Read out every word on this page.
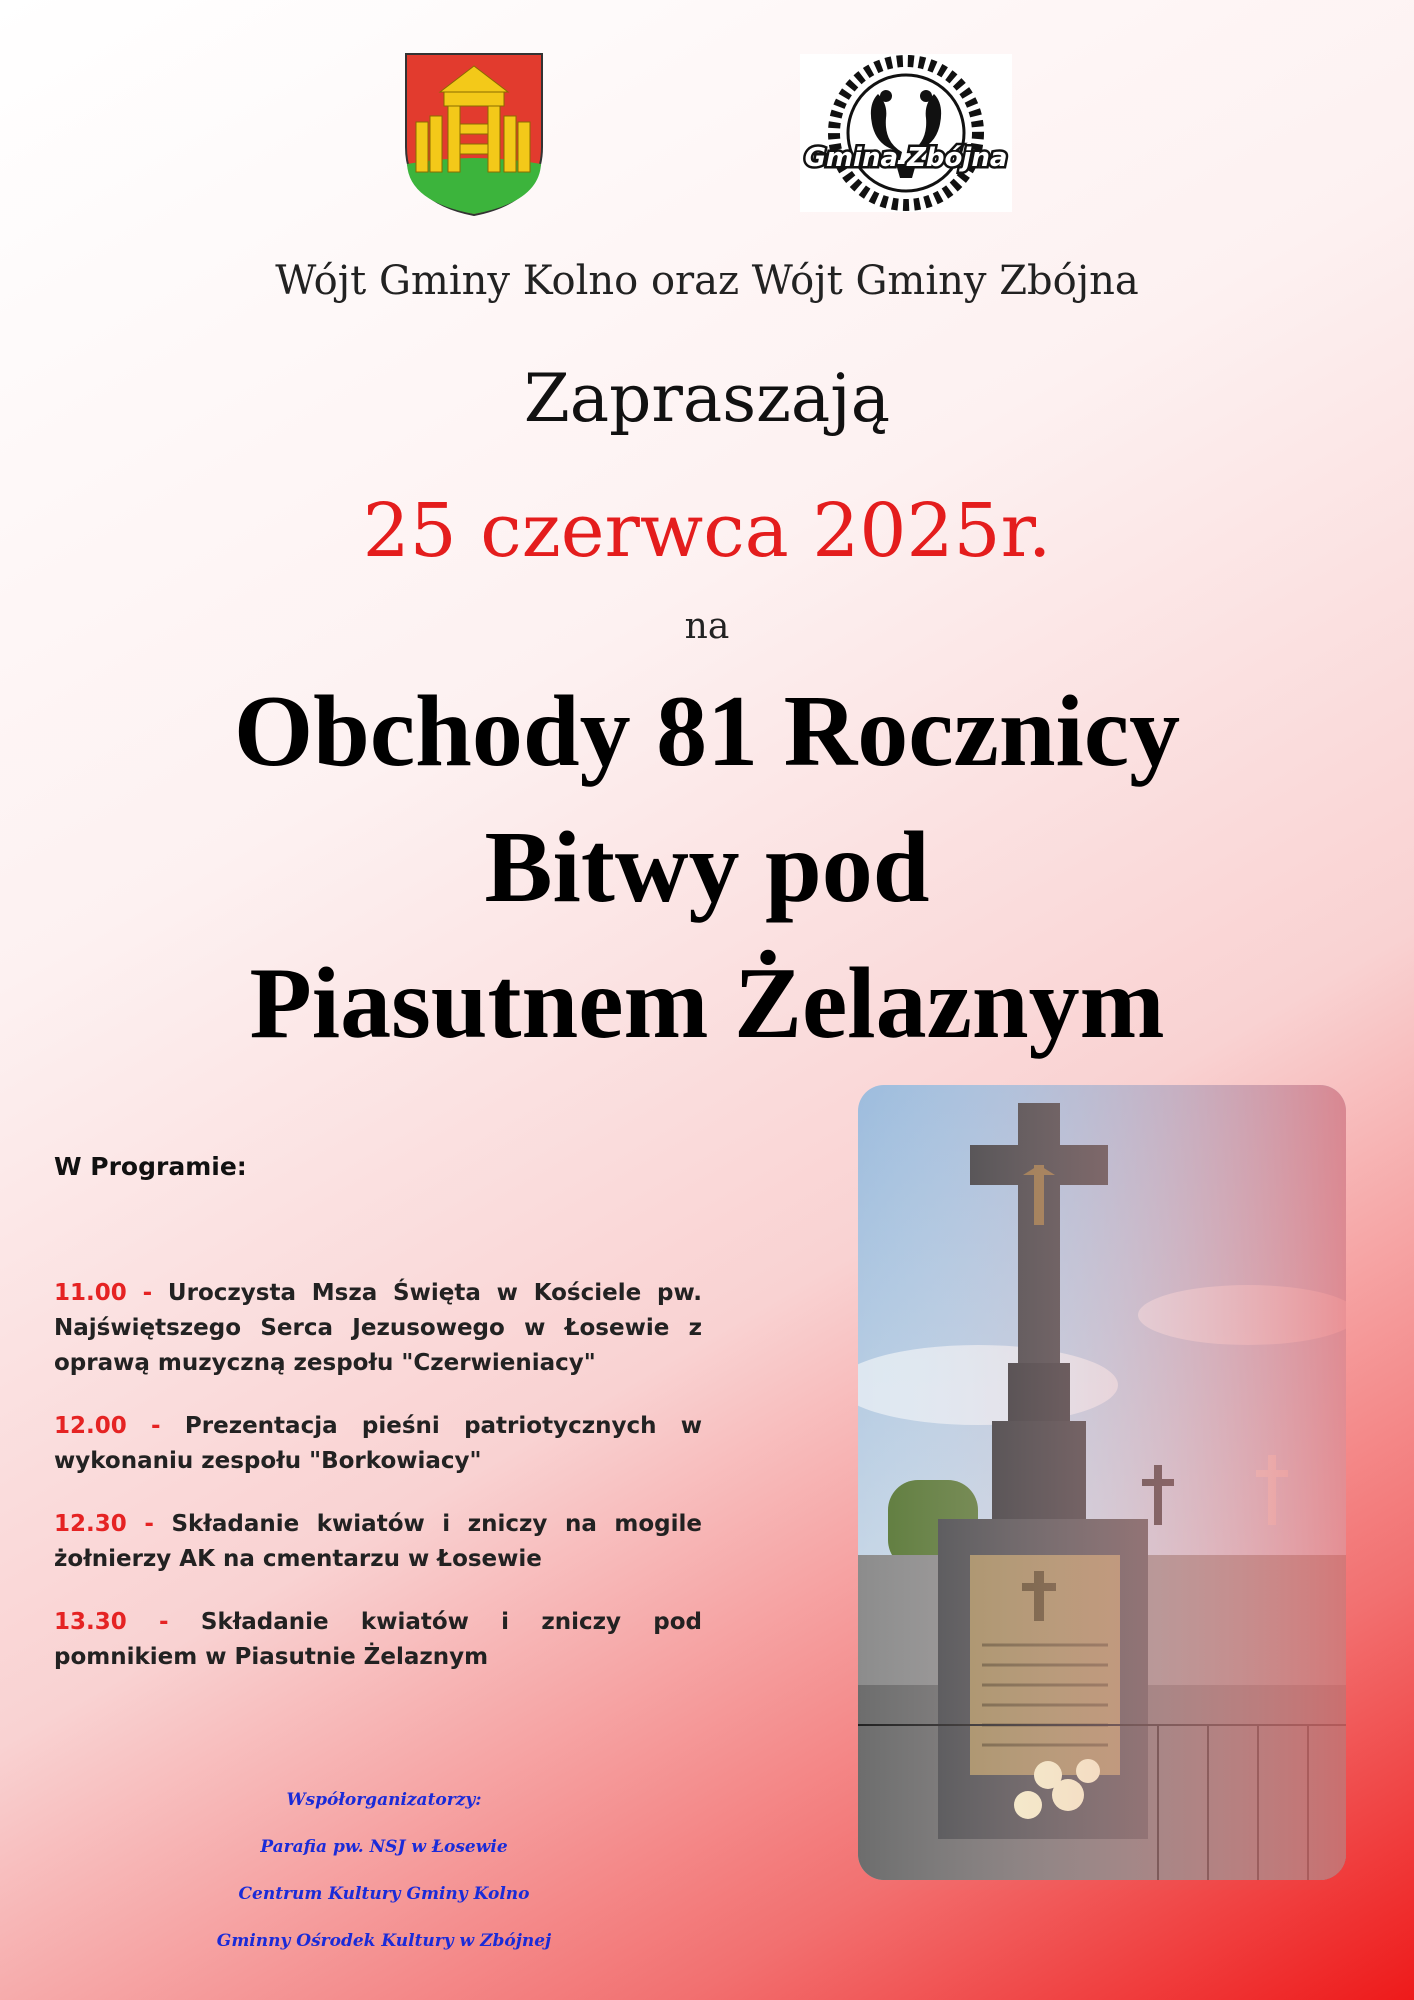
Gmina Zbójna
Wójt Gminy Kolno oraz Wójt Gminy Zbójna
Zapraszają
25 czerwca 2025r.
na
Obchody 81 Rocznicy
Bitwy pod
Piasutnem Żelaznym
W Programie:
11.00 - Uroczysta Msza Święta w Kościele pw. Najświętszego Serca Jezusowego w Łosewie z oprawą muzyczną zespołu "Czerwieniacy"
12.00 - Prezentacja pieśni patriotycznych w wykonaniu zespołu "Borkowiacy"
12.30 - Składanie kwiatów i zniczy na mogile żołnierzy AK na cmentarzu w Łosewie
13.30 - Składanie kwiatów i zniczy pod pomnikiem w Piasutnie Żelaznym
Współorganizatorzy:
Parafia pw. NSJ w Łosewie
Centrum Kultury Gminy Kolno
Gminny Ośrodek Kultury w Zbójnej
